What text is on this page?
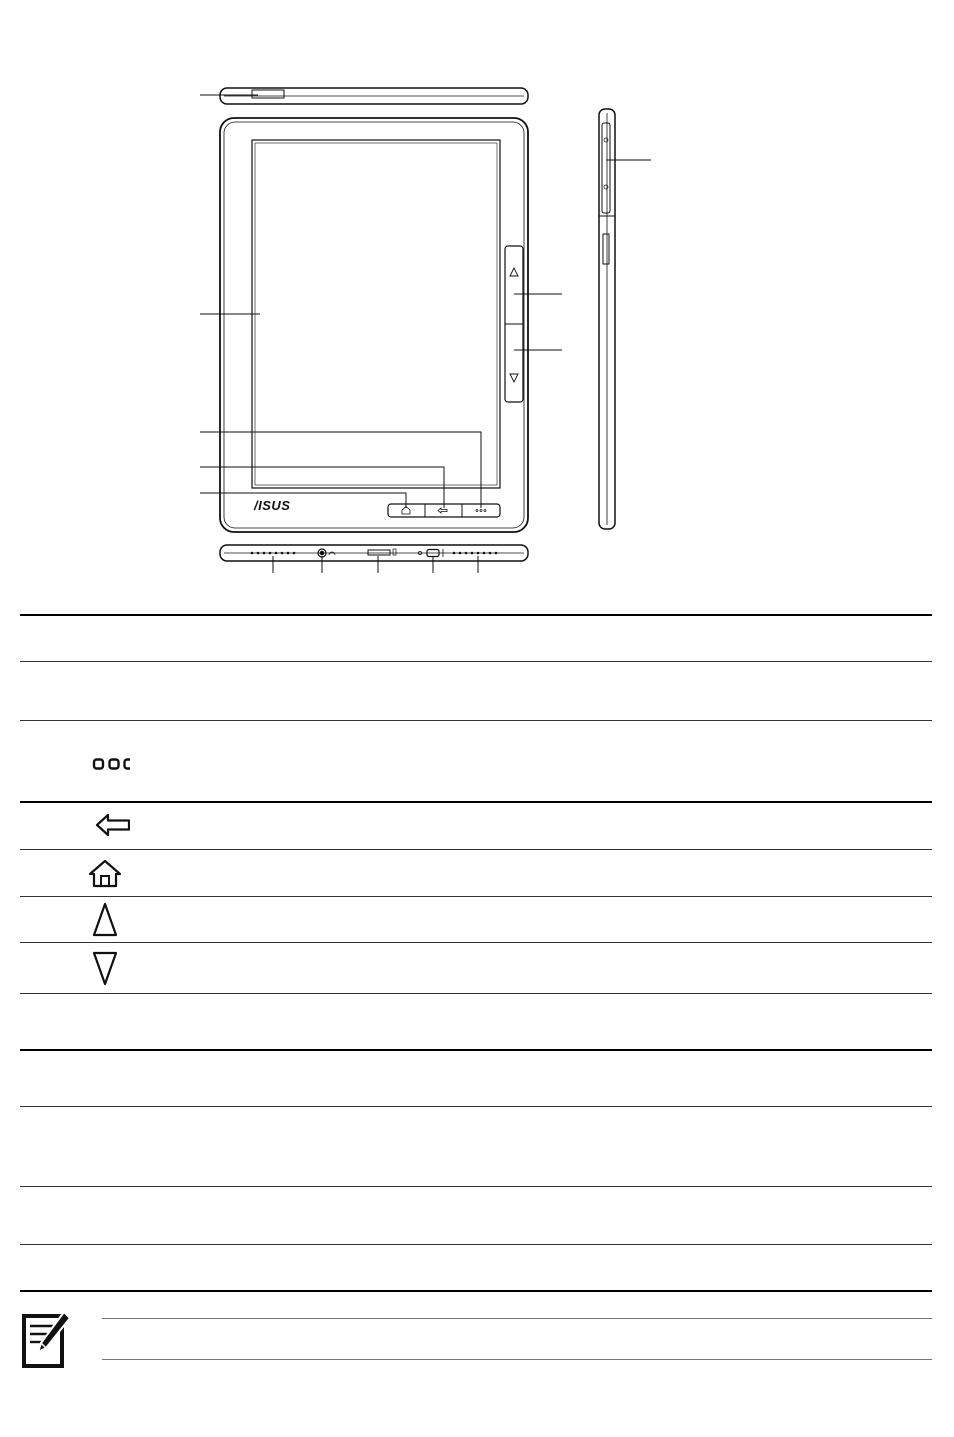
/ISUS
